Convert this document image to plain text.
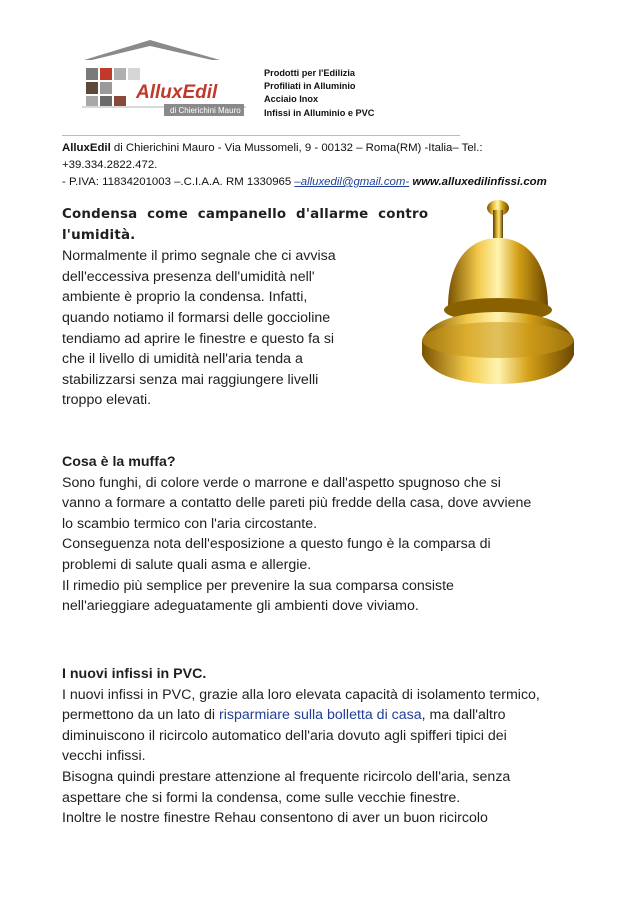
AlluxEdil
di Chierichini Mauro
Prodotti per l'Edilizia
Profiliati in Alluminio
Acciaio Inox
Infissi in Alluminio e PVC
AlluxEdil di Chierichini Mauro - Via Mussomeli, 9 - 00132 – Roma(RM) -Italia– Tel.:
+39.334.2822.472.
- P.IVA: 11834201003 –.C.I.A.A. RM 1330965 –alluxedil@gmail.com- www.alluxedilinfissi.com
Condensa  come  campanello  d'allarme  contro
l'umidità.
Normalmente il primo segnale che ci avvisa
dell'eccessiva presenza dell'umidità nell'
ambiente è proprio la condensa. Infatti,
quando notiamo il formarsi delle goccioline
tendiamo ad aprire le finestre e questo fa si
che il livello di umidità nell'aria tenda a
stabilizzarsi senza mai raggiungere livelli
troppo elevati.
Cosa è la muffa?
Sono funghi, di colore verde o marrone e dall'aspetto spugnoso che si
vanno a formare a contatto delle pareti più fredde della casa, dove avviene
lo scambio termico con l'aria circostante.
Conseguenza nota dell'esposizione a questo fungo è la comparsa di
problemi di salute quali asma e allergie.
Il rimedio più semplice per prevenire la sua comparsa consiste
nell'arieggiare adeguatamente gli ambienti dove viviamo.
I nuovi infissi in PVC.
I nuovi infissi in PVC, grazie alla loro elevata capacità di isolamento termico,
permettono da un lato di risparmiare sulla bolletta di casa, ma dall'altro
diminuiscono il ricircolo automatico dell'aria dovuto agli spifferi tipici dei
vecchi infissi.
Bisogna quindi prestare attenzione al frequente ricircolo dell'aria, senza
aspettare che si formi la condensa, come sulle vecchie finestre.
Inoltre le nostre finestre Rehau consentono di aver un buon ricircolo
